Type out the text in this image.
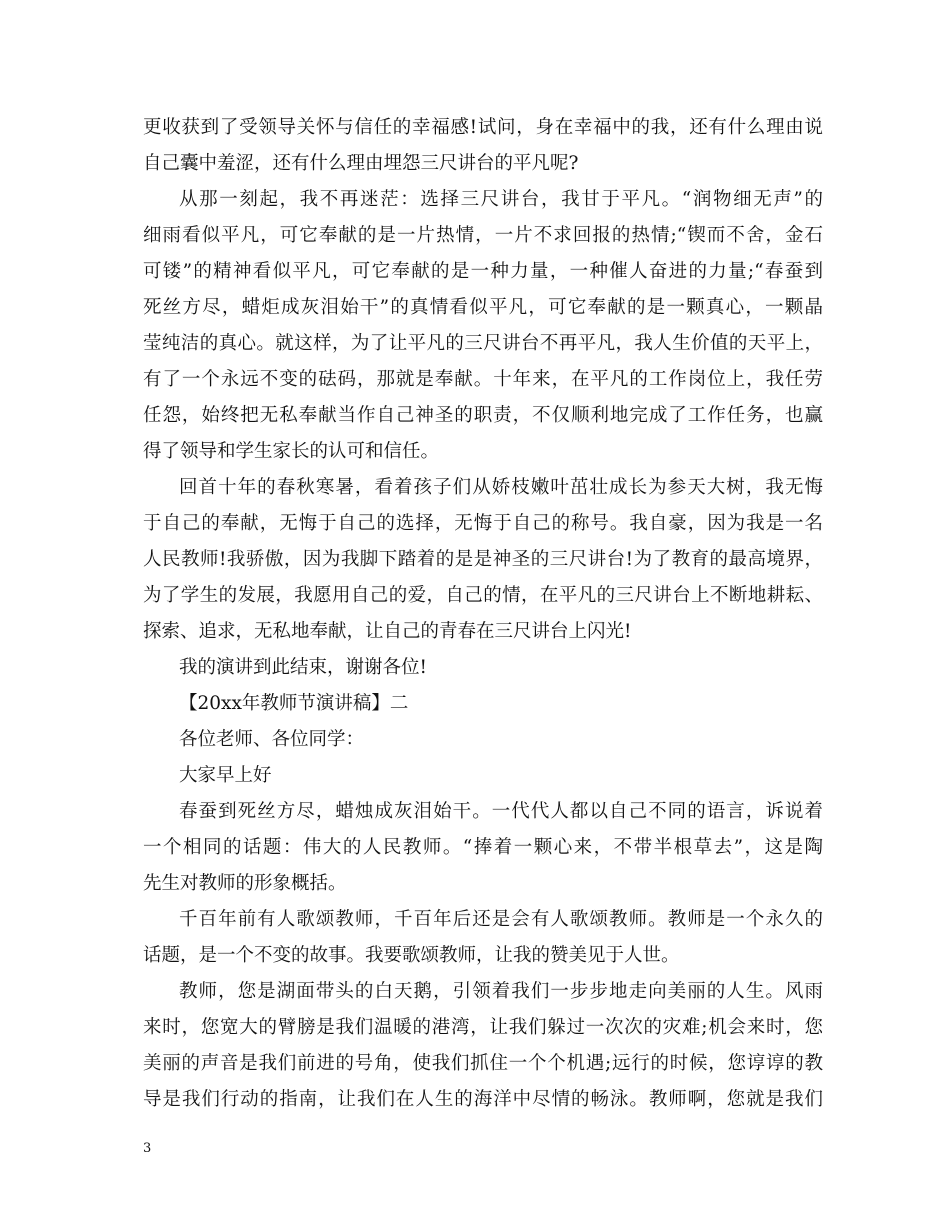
更收获到了受领导关怀与信任的幸福感!试问，身在幸福中的我，还有什么理由说
自己囊中羞涩，还有什么理由埋怨三尺讲台的平凡呢?
从那一刻起，我不再迷茫：选择三尺讲台，我甘于平凡。“润物细无声”的
细雨看似平凡，可它奉献的是一片热情，一片不求回报的热情;“锲而不舍，金石
可镂”的精神看似平凡，可它奉献的是一种力量，一种催人奋进的力量;“春蚕到
死丝方尽，蜡炬成灰泪始干”的真情看似平凡，可它奉献的是一颗真心，一颗晶
莹纯洁的真心。就这样，为了让平凡的三尺讲台不再平凡，我人生价值的天平上，
有了一个永远不变的砝码，那就是奉献。十年来，在平凡的工作岗位上，我任劳
任怨，始终把无私奉献当作自己神圣的职责，不仅顺利地完成了工作任务，也赢
得了领导和学生家长的认可和信任。
回首十年的春秋寒暑，看着孩子们从娇枝嫩叶茁壮成长为参天大树，我无悔
于自己的奉献，无悔于自己的选择，无悔于自己的称号。我自豪，因为我是一名
人民教师!我骄傲，因为我脚下踏着的是是神圣的三尺讲台!为了教育的最高境界，
为了学生的发展，我愿用自己的爱，自己的情，在平凡的三尺讲台上不断地耕耘、
探索、追求，无私地奉献，让自己的青春在三尺讲台上闪光!
我的演讲到此结束，谢谢各位!
【20xx年教师节演讲稿】二
各位老师、各位同学：
大家早上好
春蚕到死丝方尽，蜡烛成灰泪始干。一代代人都以自己不同的语言，诉说着
一个相同的话题：伟大的人民教师。“捧着一颗心来，不带半根草去”，这是陶
先生对教师的形象概括。
千百年前有人歌颂教师，千百年后还是会有人歌颂教师。教师是一个永久的
话题，是一个不变的故事。我要歌颂教师，让我的赞美见于人世。
教师，您是湖面带头的白天鹅，引领着我们一步步地走向美丽的人生。风雨
来时，您宽大的臂膀是我们温暖的港湾，让我们躲过一次次的灾难;机会来时，您
美丽的声音是我们前进的号角，使我们抓住一个个机遇;远行的时候，您谆谆的教
导是我们行动的指南，让我们在人生的海洋中尽情的畅泳。教师啊，您就是我们
3
